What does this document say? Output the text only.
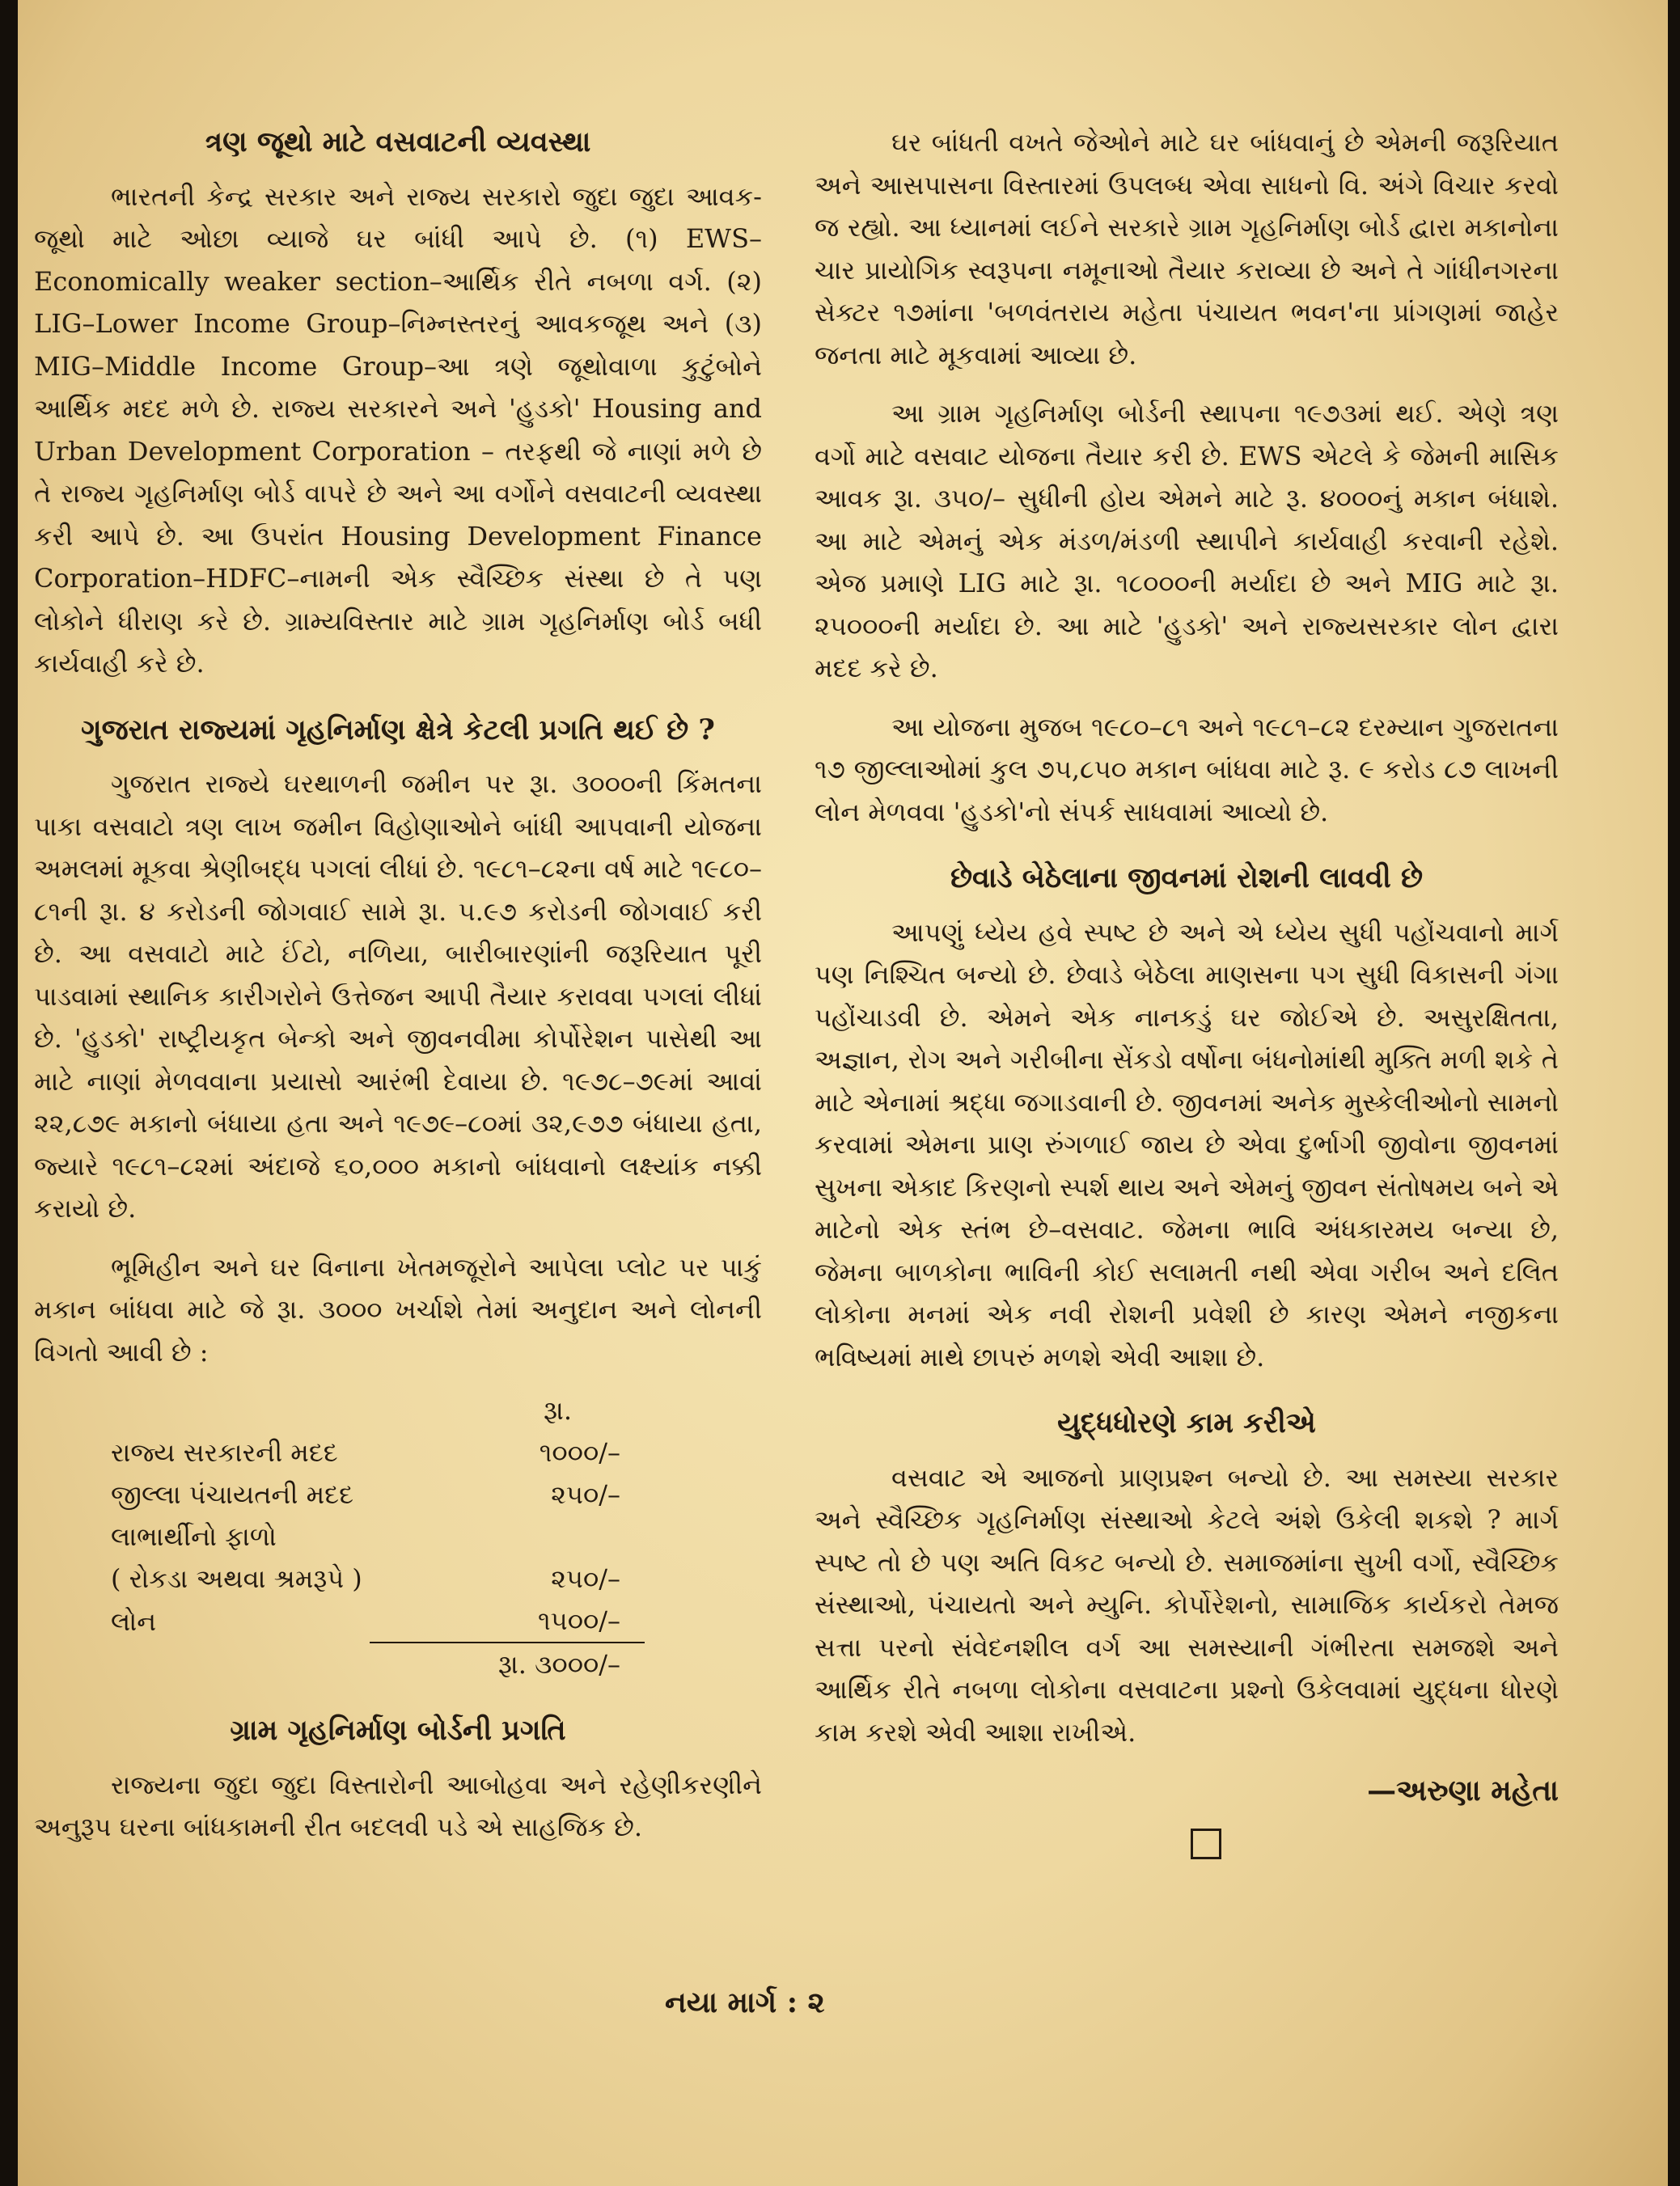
ત્રણ જૂથો માટે વસવાટની વ્યવસ્થા
ભારતની કેન્દ્ર સરકાર અને રાજ્ય સરકારો જુદા જુદા આવક-જૂથો માટે ઓછા વ્યાજે ઘર બાંધી આપે છે. (૧) EWS–Economically weaker section–આર્થિક રીતે નબળા વર્ગ. (૨) LIG–Lower Income Group–નિમ્નસ્તરનું આવકજૂથ અને (૩) MIG–Middle Income Group–આ ત્રણે જૂથોવાળા કુટુંબોને આર્થિક મદદ મળે છે. રાજ્ય સરકારને અને 'હુડકો' Housing and Urban Development Corporation – તરફથી જે નાણાં મળે છે તે રાજ્ય ગૃહનિર્માણ બોર્ડ વાપરે છે અને આ વર્ગોને વસવાટની વ્યવસ્થા કરી આપે છે. આ ઉપરાંત Housing Development Finance Corporation–HDFC–નામની એક સ્વૈચ્છિક સંસ્થા છે તે પણ લોકોને ધીરાણ કરે છે. ગ્રામ્યવિસ્તાર માટે ગ્રામ ગૃહનિર્માણ બોર્ડ બધી કાર્યવાહી કરે છે.
ગુજરાત રાજ્યમાં ગૃહનિર્માણ ક્ષેત્રે કેટલી પ્રગતિ થઈ છે ?
ગુજરાત રાજ્યે ઘરથાળની જમીન પર રૂા. ૩૦૦૦ની કિંમતના પાકા વસવાટો ત્રણ લાખ જમીન વિહોણાઓને બાંધી આપવાની યોજના અમલમાં મૂકવા શ્રેણીબદ્ધ પગલાં લીધાં છે. ૧૯૮૧–૮૨ના વર્ષ માટે ૧૯૮૦–૮૧ની રૂા. ૪ કરોડની જોગવાઈ સામે રૂા. ૫.૯૭ કરોડની જોગવાઈ કરી છે. આ વસવાટો માટે ઈંટો, નળિયા, બારીબારણાંની જરૂરિયાત પૂરી પાડવામાં સ્થાનિક કારીગરોને ઉત્તેજન આપી તૈયાર કરાવવા પગલાં લીધાં છે. 'હુડકો' રાષ્ટ્રીયકૃત બેન્કો અને જીવનવીમા કોર્પોરેશન પાસેથી આ માટે નાણાં મેળવવાના પ્રયાસો આરંભી દેવાયા છે. ૧૯૭૮–૭૯માં આવાં ૨૨,૮૭૯ મકાનો બંધાયા હતા અને ૧૯૭૯–૮૦માં ૩૨,૯૭૭ બંધાયા હતા, જ્યારે ૧૯૮૧–૮૨માં અંદાજે ૬૦,૦૦૦ મકાનો બાંધવાનો લક્ષ્યાંક નક્કી કરાયો છે.
ભૂમિહીન અને ઘર વિનાના ખેતમજૂરોને આપેલા પ્લોટ પર પાકું મકાન બાંધવા માટે જે રૂા. ૩૦૦૦ ખર્ચાશે તેમાં અનુદાન અને લોનની વિગતો આવી છે :
	રૂા.
રાજ્ય સરકારની મદદ	૧૦૦૦/–
જીલ્લા પંચાયતની મદદ	૨૫૦/–
લાભાર્થીનો ફાળો	
( રોકડા અથવા શ્રમરૂપે )	૨૫૦/–
લોન	૧૫૦૦/–
	રૂા. ૩૦૦૦/–
ગ્રામ ગૃહનિર્માણ બોર્ડની પ્રગતિ
રાજ્યના જુદા જુદા વિસ્તારોની આબોહવા અને રહેણીકરણીને અનુરૂપ ઘરના બાંધકામની રીત બદલવી પડે એ સાહજિક છે.
ઘર બાંધતી વખતે જેઓને માટે ઘર બાંધવાનું છે એમની જરૂરિયાત અને આસપાસના વિસ્તારમાં ઉપલબ્ધ એવા સાધનો વિ. અંગે વિચાર કરવો જ રહ્યો. આ ધ્યાનમાં લઈને સરકારે ગ્રામ ગૃહનિર્માણ બોર્ડ દ્વારા મકાનોના ચાર પ્રાયોગિક સ્વરૂપના નમૂનાઓ તૈયાર કરાવ્યા છે અને તે ગાંધીનગરના સેક્ટર ૧૭માંના 'બળવંતરાય મહેતા પંચાયત ભવન'ના પ્રાંગણમાં જાહેર જનતા માટે મૂકવામાં આવ્યા છે.
આ ગ્રામ ગૃહનિર્માણ બોર્ડની સ્થાપના ૧૯૭૩માં થઈ. એણે ત્રણ વર્ગો માટે વસવાટ યોજના તૈયાર કરી છે. EWS એટલે કે જેમની માસિક આવક રૂા. ૩૫૦/– સુધીની હોય એમને માટે રૂ. ૪૦૦૦નું મકાન બંધાશે. આ માટે એમનું એક મંડળ/મંડળી સ્થાપીને કાર્યવાહી કરવાની રહેશે. એજ પ્રમાણે LIG માટે રૂા. ૧૮૦૦૦ની મર્યાદા છે અને MIG માટે રૂા. ૨૫૦૦૦ની મર્યાદા છે. આ માટે 'હુડકો' અને રાજ્યસરકાર લોન દ્વારા મદદ કરે છે.
આ યોજના મુજબ ૧૯૮૦–૮૧ અને ૧૯૮૧–૮૨ દરમ્યાન ગુજરાતના ૧૭ જીલ્લાઓમાં કુલ ૭૫,૮૫૦ મકાન બાંધવા માટે રૂ. ૯ કરોડ ૮૭ લાખની લોન મેળવવા 'હુડકો'નો સંપર્ક સાધવામાં આવ્યો છે.
છેવાડે બેઠેલાના જીવનમાં રોશની લાવવી છે
આપણું ધ્યેય હવે સ્પષ્ટ છે અને એ ધ્યેય સુધી પહોંચવાનો માર્ગ પણ નિશ્ચિત બન્યો છે. છેવાડે બેઠેલા માણસના પગ સુધી વિકાસની ગંગા પહોંચાડવી છે. એમને એક નાનકડું ઘર જોઈએ છે. અસુરક્ષિતતા, અજ્ઞાન, રોગ અને ગરીબીના સેંકડો વર્ષોના બંધનોમાંથી મુક્તિ મળી શકે તે માટે એનામાં શ્રદ્ધા જગાડવાની છે. જીવનમાં અનેક મુસ્કેલીઓનો સામનો કરવામાં એમના પ્રાણ રુંગળાઈ જાય છે એવા દુર્ભાગી જીવોના જીવનમાં સુખના એકાદ કિરણનો સ્પર્શ થાય અને એમનું જીવન સંતોષમય બને એ માટેનો એક સ્તંભ છે–વસવાટ. જેમના ભાવિ અંધકારમય બન્યા છે, જેમના બાળકોના ભાવિની કોઈ સલામતી નથી એવા ગરીબ અને દલિત લોકોના મનમાં એક નવી રોશની પ્રવેશી છે કારણ એમને નજીકના ભવિષ્યમાં માથે છાપરું મળશે એવી આશા છે.
યુદ્ધધોરણે કામ કરીએ
વસવાટ એ આજનો પ્રાણપ્રશ્ન બન્યો છે. આ સમસ્યા સરકાર અને સ્વૈચ્છિક ગૃહનિર્માણ સંસ્થાઓ કેટલે અંશે ઉકેલી શકશે ? માર્ગ સ્પષ્ટ તો છે પણ અતિ વિકટ બન્યો છે. સમાજમાંના સુખી વર્ગો, સ્વૈચ્છિક સંસ્થાઓ, પંચાયતો અને મ્યુનિ. કોર્પોરેશનો, સામાજિક કાર્યકરો તેમજ સત્તા પરનો સંવેદનશીલ વર્ગ આ સમસ્યાની ગંભીરતા સમજશે અને આર્થિક રીતે નબળા લોકોના વસવાટના પ્રશ્નો ઉકેલવામાં યુદ્ધના ધોરણે કામ કરશે એવી આશા રાખીએ.
—અરુણા મહેતા
નયા માર્ગ : ૨
